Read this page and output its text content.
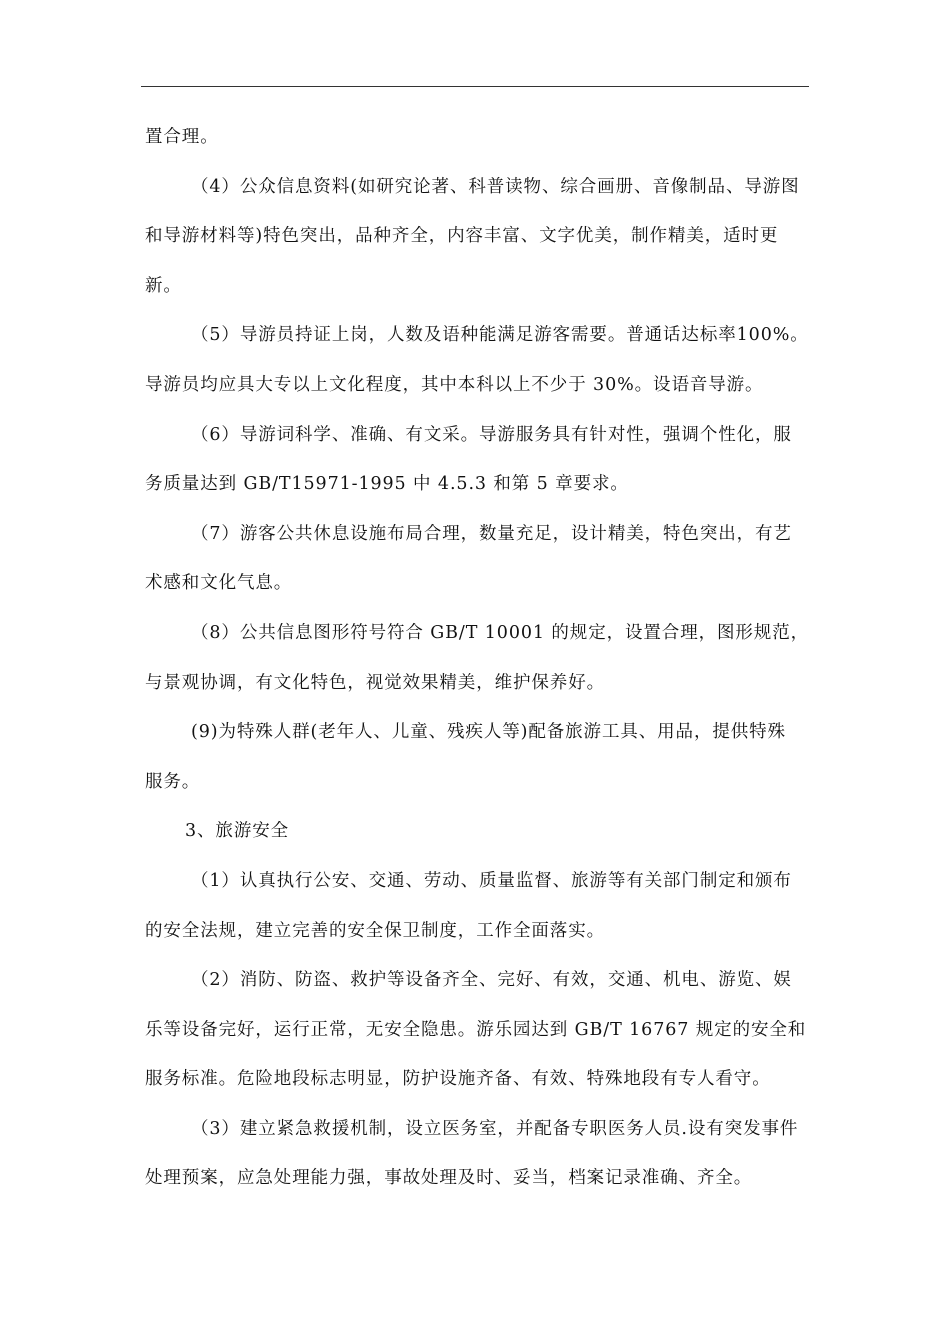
置合理。
（4）公众信息资料(如研究论著、科普读物、综合画册、音像制品、导游图
和导游材料等)特色突出，品种齐全，内容丰富、文字优美，制作精美，适时更
新。
（5）导游员持证上岗，人数及语种能满足游客需要。普通话达标率100%。
导游员均应具大专以上文化程度，其中本科以上不少于 30%。设语音导游。
（6）导游词科学、准确、有文采。导游服务具有针对性，强调个性化，服
务质量达到 GB/T15971-1995 中 4.5.3 和第 5 章要求。
（7）游客公共休息设施布局合理，数量充足，设计精美，特色突出，有艺
术感和文化气息。
（8）公共信息图形符号符合 GB/T 10001 的规定，设置合理，图形规范，
与景观协调，有文化特色，视觉效果精美，维护保养好。
(9)为特殊人群(老年人、儿童、残疾人等)配备旅游工具、用品，提供特殊
服务。
3、旅游安全
（1）认真执行公安、交通、劳动、质量监督、旅游等有关部门制定和颁布
的安全法规，建立完善的安全保卫制度，工作全面落实。
（2）消防、防盗、救护等设备齐全、完好、有效，交通、机电、游览、娱
乐等设备完好，运行正常，无安全隐患。游乐园达到 GB/T 16767 规定的安全和
服务标准。危险地段标志明显，防护设施齐备、有效、特殊地段有专人看守。
（3）建立紧急救援机制，设立医务室，并配备专职医务人员.设有突发事件
处理预案，应急处理能力强，事故处理及时、妥当，档案记录准确、齐全。
